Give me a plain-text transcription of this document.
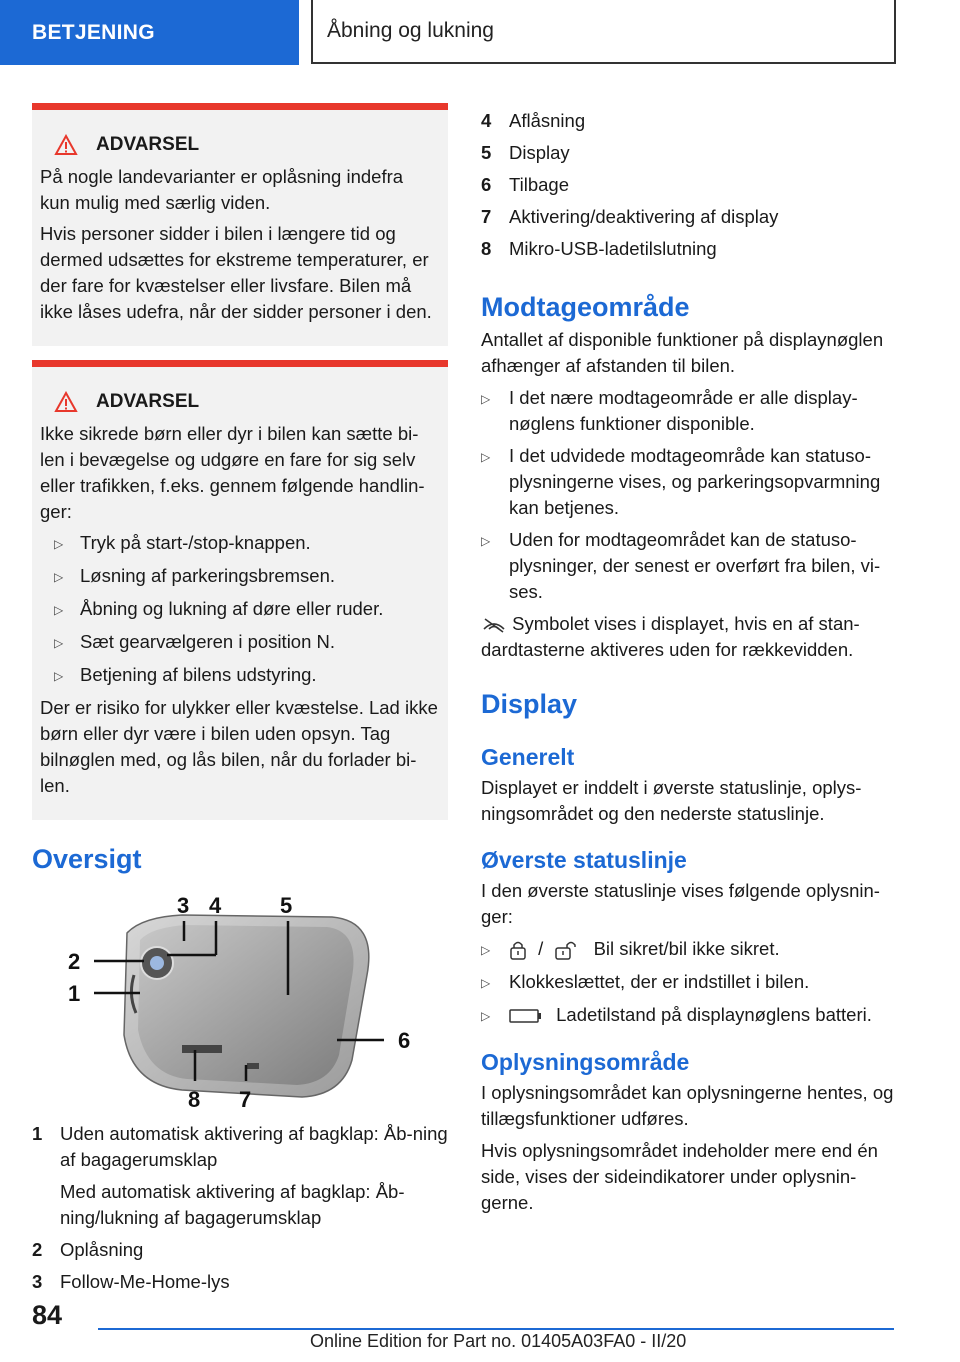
BETJENING	Åbning og lukning
ADVARSEL

På nogle landevarianter er oplåsning indefra kun mulig med særlig viden.

Hvis personer sidder i bilen i længere tid og dermed udsættes for ekstreme temperaturer, er der fare for kvæstelser eller livsfare. Bilen må ikke låses udefra, når der sidder personer i den.

ADVARSEL

Ikke sikrede børn eller dyr i bilen kan sætte bi-len i bevægelse og udgøre en fare for sig selv eller trafikken, f.eks. gennem følgende handlin-ger:

▷ Tryk på start-/stop-knappen.
▷ Løsning af parkeringsbremsen.
▷ Åbning og lukning af døre eller ruder.
▷ Sæt gearvælgeren i position N.
▷ Betjening af bilens udstyring.

Der er risiko for ulykker eller kvæstelse. Lad ikke børn eller dyr være i bilen uden opsyn. Tag bilnøglen med, og lås bilen, når du forlader bi-len.

Oversigt
1
2
3 4	5
6
7
8
1 Uden automatisk aktivering af bagklap: Åb-ning af bagagerumsklap
Med automatisk aktivering af bagklap: Åb-ning/lukning af bagagerumsklap
2 Oplåsning
3 Follow-Me-Home-lys
4 Aflåsning
5 Display
6 Tilbage
7 Aktivering/deaktivering af display
8 Mikro-USB-ladetilslutning
Modtageområde

Antallet af disponible funktioner på displaynøglen afhænger af afstanden til bilen.

▷	I det nære modtageområde er alle display-nøglens funktioner disponible.
▷	I det udvidede modtageområde kan statuso-plysningerne vises, og parkeringsopvarmning kan betjenes.
▷	Uden for modtageområdet kan de statuso-plysninger, der senest er overført fra bilen, vi-ses.

Symbolet vises i displayet, hvis en af stan-dardtasterne aktiveres uden for rækkevidden.

Display
Generelt

Displayet er inddelt i øverste statuslinje, oplys-ningsområdet og den nederste statuslinje.

Øverste statuslinje

I den øverste statuslinje vises følgende oplysnin-ger:

▷	/	Bil sikret/bil ikke sikret.
▷	Klokkeslættet, der er indstillet i bilen.
▷	Ladetilstand på displaynøglens batteri.
Oplysningsområde

I oplysningsområdet kan oplysningerne hentes, og tillægsfunktioner udføres.

Hvis oplysningsområdet indeholder mere end én side, vises der sideindikatorer under oplysnin-gerne.

84
Online Edition for Part no. 01405A03FA0 - II/20
